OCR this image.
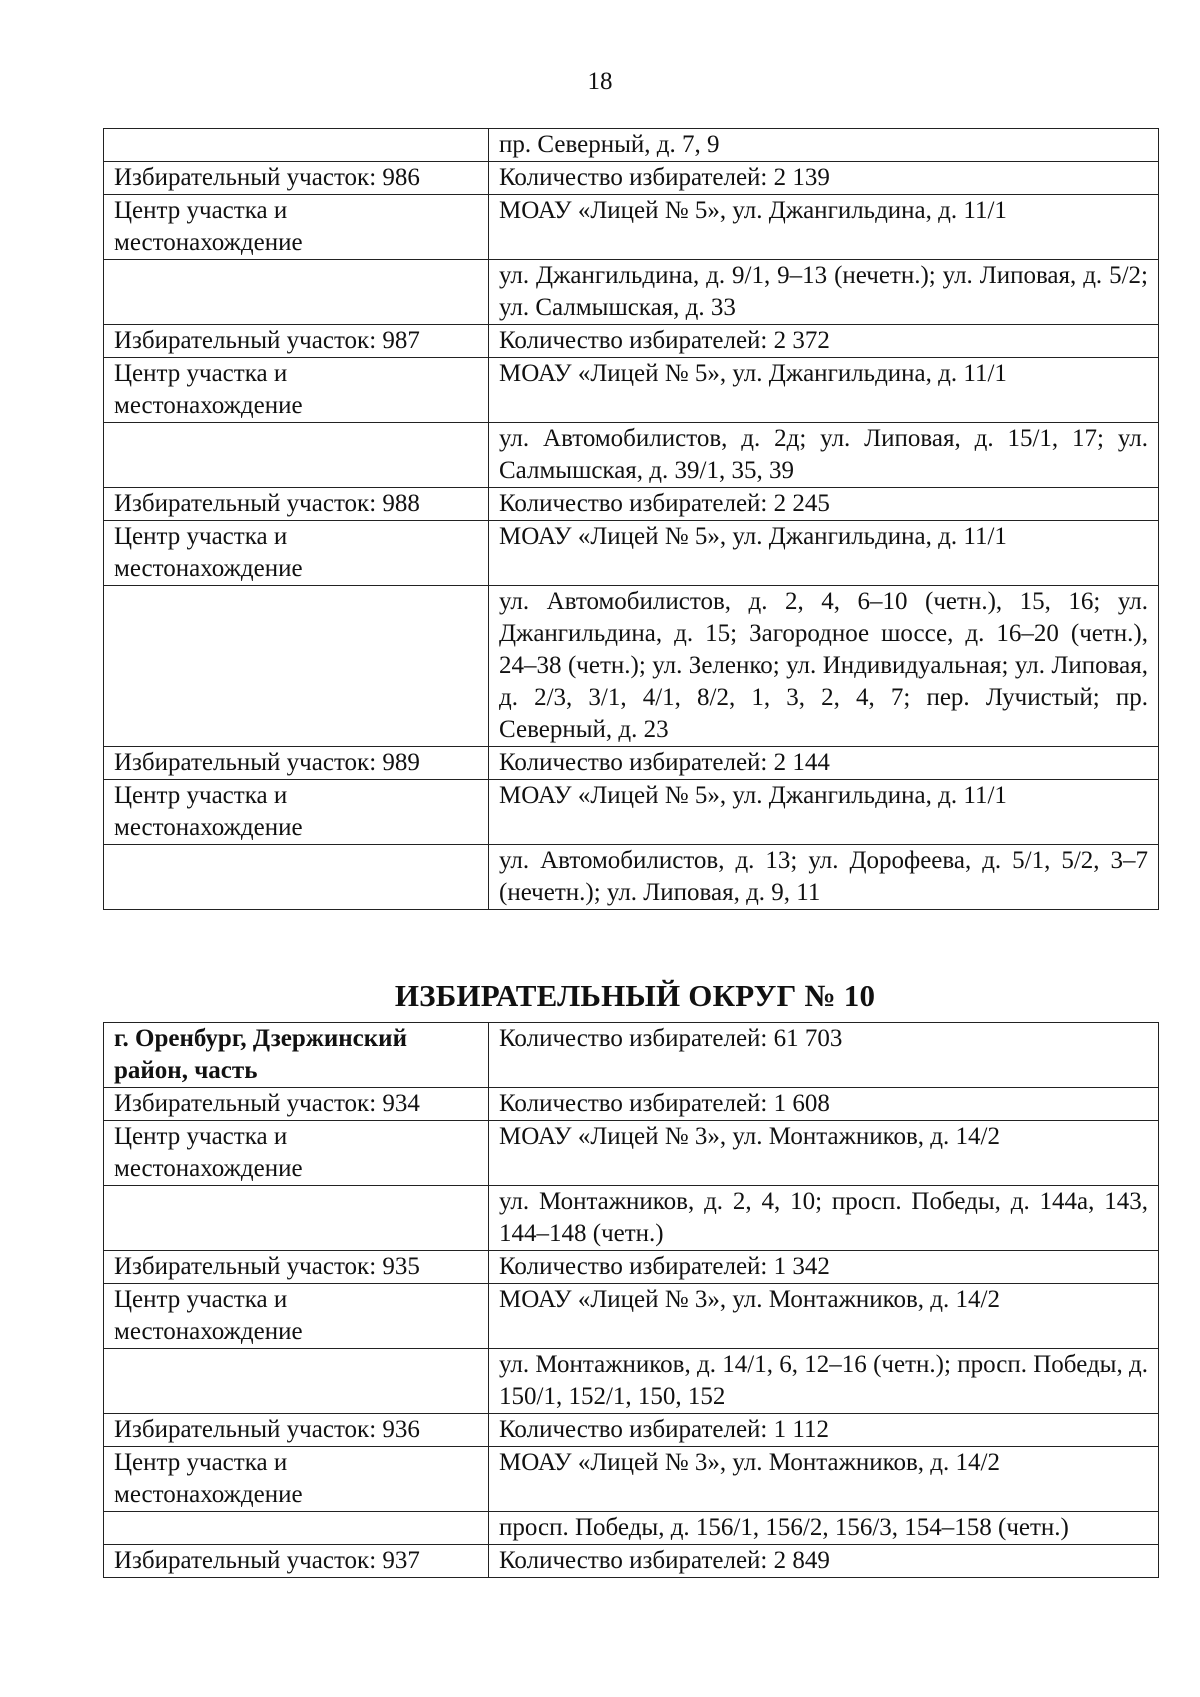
18
	пр. Северный, д. 7, 9
Избирательный участок: 986	Количество избирателей: 2 139
Центр участка и местонахождение	МОАУ «Лицей № 5», ул. Джангильдина, д. 11/1
	ул. Джангильдина, д. 9/1, 9–13 (нечетн.); ул. Липовая, д. 5/2; ул. Салмышская, д. 33
Избирательный участок: 987	Количество избирателей: 2 372
Центр участка и местонахождение	МОАУ «Лицей № 5», ул. Джангильдина, д. 11/1
	ул. Автомобилистов, д. 2д; ул. Липовая, д. 15/1, 17; ул. Салмышская, д. 39/1, 35, 39
Избирательный участок: 988	Количество избирателей: 2 245
Центр участка и местонахождение	МОАУ «Лицей № 5», ул. Джангильдина, д. 11/1
	ул. Автомобилистов, д. 2, 4, 6–10 (четн.), 15, 16; ул. Джангильдина, д. 15; Загородное шоссе, д. 16–20 (четн.), 24–38 (четн.); ул. Зеленко; ул. Индивидуальная; ул. Липовая, д. 2/3, 3/1, 4/1, 8/2, 1, 3, 2, 4, 7; пер. Лучистый; пр. Северный, д. 23
Избирательный участок: 989	Количество избирателей: 2 144
Центр участка и местонахождение	МОАУ «Лицей № 5», ул. Джангильдина, д. 11/1
	ул. Автомобилистов, д. 13; ул. Дорофеева, д. 5/1, 5/2, 3–7 (нечетн.); ул. Липовая, д. 9, 11
ИЗБИРАТЕЛЬНЫЙ ОКРУГ № 10
г. Оренбург, Дзержинский район, часть	Количество избирателей: 61 703
Избирательный участок: 934	Количество избирателей: 1 608
Центр участка и местонахождение	МОАУ «Лицей № 3», ул. Монтажников, д. 14/2
	ул. Монтажников, д. 2, 4, 10; просп. Победы, д. 144а, 143, 144–148 (четн.)
Избирательный участок: 935	Количество избирателей: 1 342
Центр участка и местонахождение	МОАУ «Лицей № 3», ул. Монтажников, д. 14/2
	ул. Монтажников, д. 14/1, 6, 12–16 (четн.); просп. Победы, д. 150/1, 152/1, 150, 152
Избирательный участок: 936	Количество избирателей: 1 112
Центр участка и местонахождение	МОАУ «Лицей № 3», ул. Монтажников, д. 14/2
	просп. Победы, д. 156/1, 156/2, 156/3, 154–158 (четн.)
Избирательный участок: 937	Количество избирателей: 2 849
